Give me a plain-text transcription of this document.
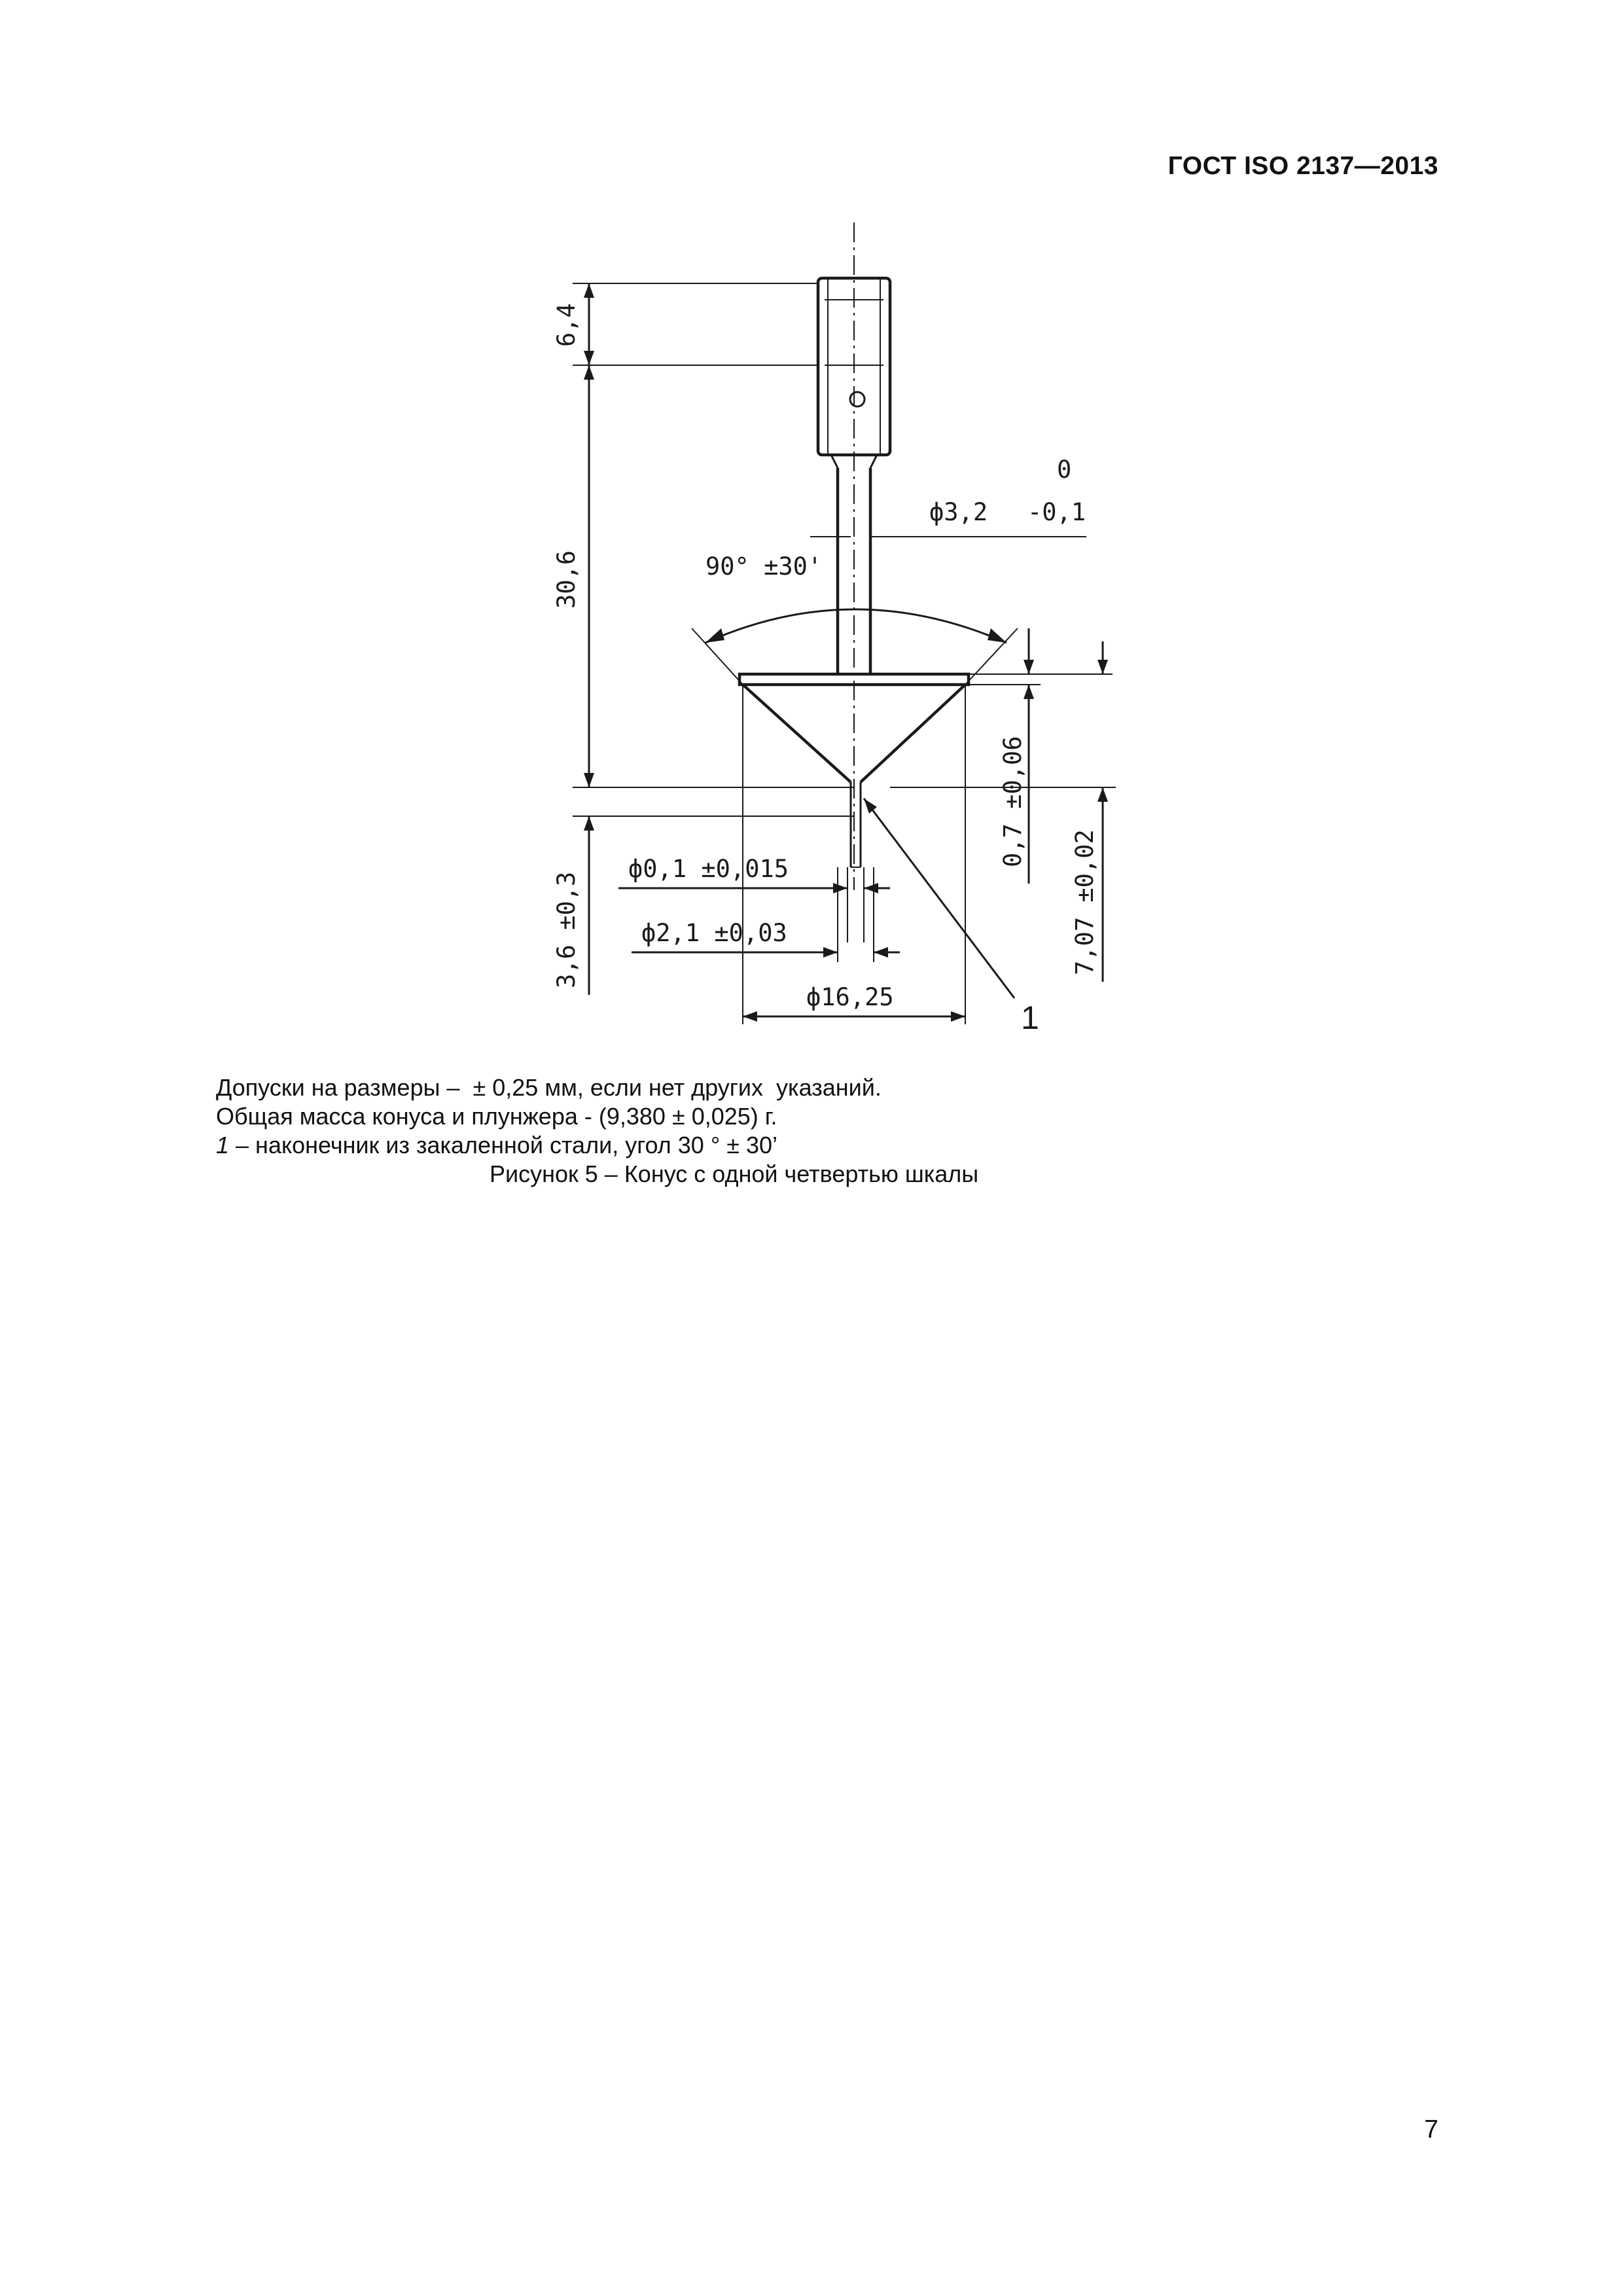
ГОСТ ISO 2137—2013
90° ±30'
0
ф3,2 -0,1
6,4
30,6
3,6 ±0,3
0,7 ±0,06
7,07 ±0,02
ф0,1 ±0,015
ф2,1 ±0,03
ф16,25
1
Допуски на размеры –  ± 0,25 мм, если нет других  указаний.
Общая масса конуса и плунжера - (9,380 ± 0,025) г.
1 – наконечник из закаленной стали, угол 30 ° ± 30’
Рисунок 5 – Конус с одной четвертью шкалы
7
